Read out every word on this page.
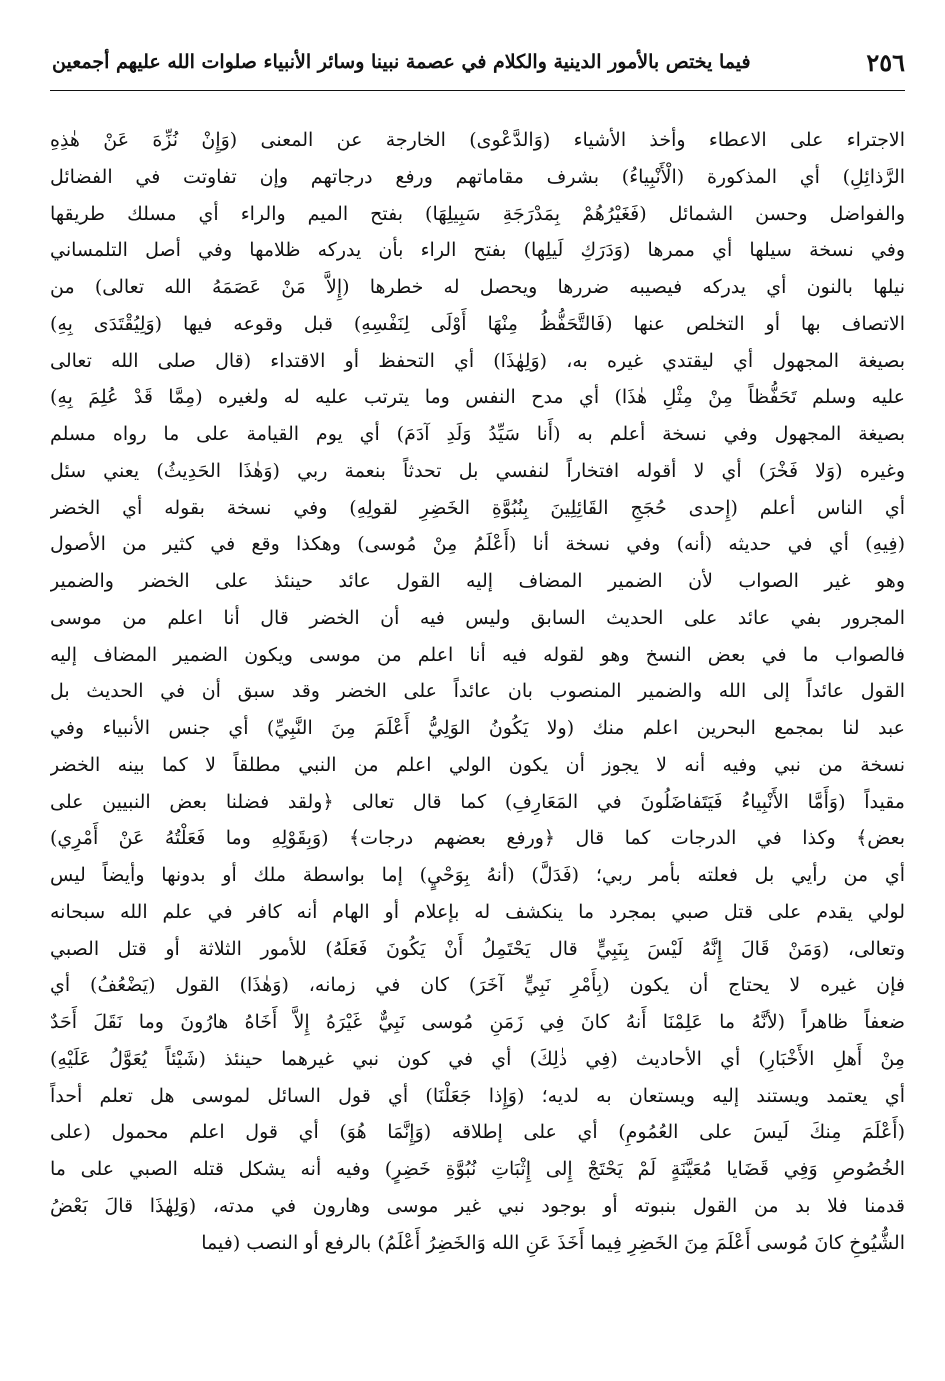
٢٥٦
فيما يختص بالأمور الدينية والكلام في عصمة نبينا وسائر الأنبياء صلوات الله عليهم أجمعين
الاجتراء على الاعطاء وأخذ الأشياء (وَالدَّعْوى) الخارجة عن المعنى (وَإِنْ نُزِّهَ عَنْ هٰذِهِ
الرَّذائِلِ) أي المذكورة (الْأَنْبِياءُ) بشرف مقاماتهم ورفع درجاتهم وإن تفاوتت في الفضائل
والفواضل وحسن الشمائل (فَغَيْرُهُمْ بِمَدْرَجَةِ سَبِيلِهَا) بفتح الميم والراء أي مسلك طريقها
وفي نسخة سيلها أي ممرها (وَدَرَكِ لَيلِها) بفتح الراء بأن يدركه ظلامها وفي أصل التلمساني
نيلها بالنون أي يدركه فيصيبه ضررها ويحصل له خطرها (إِلاَّ مَنْ عَصَمَهُ الله تعالى) من
الاتصاف بها أو التخلص عنها (فَالتَّحَفُّظُ مِنْهَا أَوْلَى لِنَفْسِهِ) قبل وقوعه فيها (وَلِيُقْتَدَى بِهِ)
بصيغة المجهول أي ليقتدي غيره به، (وَلِهٰذَا) أي التحفظ أو الاقتداء (قال صلى الله تعالى
عليه وسلم تَحَفُّظاً مِنْ مِثْلِ هٰذَا) أي مدح النفس وما يترتب عليه له ولغيره (مِمَّا قَدْ عُلِمَ بِهِ)
بصيغة المجهول وفي نسخة أعلم به (أَنا سَيِّدُ وَلَدِ آدَمَ) أي يوم القيامة على ما رواه مسلم
وغيره (وَلا فَخْرَ) أي لا أقوله افتخاراً لنفسي بل تحدثاً بنعمة ربي (وَهٰذَا الحَدِيثُ) يعني سئل
أي الناس أعلم (إِحدى حُجَجِ القَائِلِينَ بِنُبُوَّةِ الخَضِرِ لقولِهِ) وفي نسخة بقوله أي الخضر
(فِيهِ) أي في حديثه (أنه) وفي نسخة أنا (أَعْلَمُ مِنْ مُوسى) وهكذا وقع في كثير من الأصول
وهو غير الصواب لأن الضمير المضاف إليه القول عائد حينئذ على الخضر والضمير
المجرور بفي عائد على الحديث السابق وليس فيه أن الخضر قال أنا اعلم من موسى
فالصواب ما في بعض النسخ وهو لقوله فيه أنا اعلم من موسى ويكون الضمير المضاف إليه
القول عائداً إلى الله والضمير المنصوب بان عائداً على الخضر وقد سبق أن في الحديث بل
عبد لنا بمجمع البحرين اعلم منك (ولا يَكُونُ الوَلِيُّ أَعْلَمَ مِنَ النَّبِيِّ) أي جنس الأنبياء وفي
نسخة من نبي وفيه أنه لا يجوز أن يكون الولي اعلم من النبي مطلقاً لا كما بينه الخضر
مقيداً (وَأَمَّا الأَنْبِياءُ فَيَتَفاضَلُونَ في المَعَارِفِ) كما قال تعالى ﴿ولقد فضلنا بعض النبيين على
بعض﴾ وكذا في الدرجات كما قال ﴿ورفع بعضهم درجات﴾ (وَبِقَوْلِهِ وما فَعَلْتُهُ عَنْ أَمْرِي)
أي من رأيي بل فعلته بأمر ربي؛ (فَدَلَّ) (أنهُ بِوَحْيٍ) إما بواسطة ملك أو بدونها وأيضاً ليس
لولي يقدم على قتل صبي بمجرد ما ينكشف له بإعلام أو الهام أنه كافر في علم الله سبحانه
وتعالى، (وَمَنْ قَالَ إِنَّهُ لَيْسَ بِنَبِيٍّ قال يَحْتَمِلُ أَنْ يَكُونَ فَعَلَهُ) للأمور الثلاثة أو قتل الصبي
فإن غيره لا يحتاج أن يكون (بِأَمْرِ نَبِيٍّ آخَرَ) كان في زمانه، (وَهٰذَا) القول (يَضْعُفُ) أي
ضعفاً ظاهراً (لأنَّهُ ما عَلِمْنَا أَنهُ كانَ فِي زَمَنِ مُوسى نَبِيٌّ غَيْرَهُ إِلاَّ أَخَاهُ هارُونَ وما نَقَلَ أَحَدٌ
مِنْ أَهلِ الأَخْبَارِ) أي الأحاديث (فِي ذٰلِكَ) أي في كون نبي غيرهما حينئذ (شَيْئاً يُعَوَّلُ عَلَيْهِ)
أي يعتمد ويستند إليه ويستعان به لديه؛ (وَإِذا جَعَلْنَا) أي قول السائل لموسى هل تعلم أحداً
(أَعْلَمَ مِنكَ لَيسَ على العُمُومِ) أي على إطلاقه (وَإِنَّمَا هُوَ) أي قول اعلم محمول (على
الخُصُوصِ وَفِي قَضَايا مُعَيَّنَةٍ لَمْ يَحْتَجْ إِلى إِثْبَاتِ نُبُوَّةِ خَضِرٍ) وفيه أنه يشكل قتله الصبي على ما
قدمنا فلا بد من القول بنبوته أو بوجود نبي غير موسى وهارون في مدته، (وَلِهٰذَا قالَ بَعْضُ
الشُّيُوخِ كانَ مُوسى أَعْلَمَ مِنَ الخَضِرِ فِيما أَخَذَ عَنِ الله وَالخَضِرُ أَعْلَمُ) بالرفع أو النصب (فيما
